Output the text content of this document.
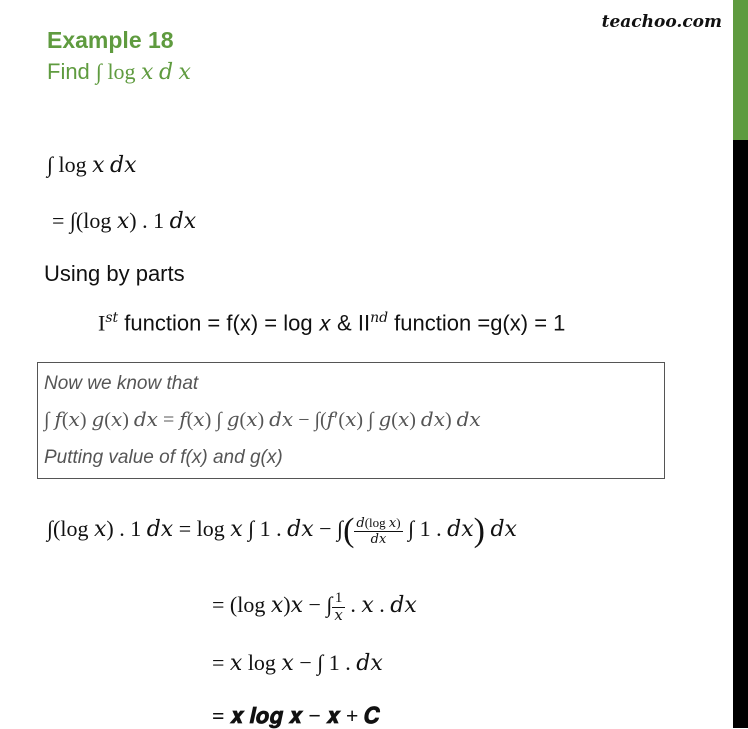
teachoo.com
Example 18
Find ∫ log 𝑥 𝑑 𝑥
∫ log 𝑥 𝑑𝑥
= ∫(log 𝑥) . 1 𝑑𝑥
Using by parts
$I^{𝑠𝑡}$ function = f(x) = log 𝑥 & $II^{𝑛𝑑}$ function =g(x) = 1
Now we know that
∫ 𝑓(𝑥) 𝑔(𝑥) 𝑑𝑥 = 𝑓(𝑥) ∫ 𝑔(𝑥) 𝑑𝑥 − ∫(𝑓′(𝑥) ∫ 𝑔(𝑥) 𝑑𝑥) 𝑑𝑥
Putting value of f(x) and g(x)
∫(log 𝑥) . 1 𝑑𝑥 = log 𝑥 ∫ 1 . 𝑑𝑥 − ∫( $\frac{\text{𝑑(log 𝑥)}}{\text{𝑑𝑥}}$ ∫ 1 . 𝑑𝑥) 𝑑𝑥
= (log 𝑥)𝑥 − ∫ $\frac{1}{\text{𝑥}}$ . 𝑥 . 𝑑𝑥
= 𝑥 log 𝑥 − ∫ 1 . 𝑑𝑥
= 𝒙 𝒍𝒐𝒈 𝒙 − 𝒙 + 𝑪
